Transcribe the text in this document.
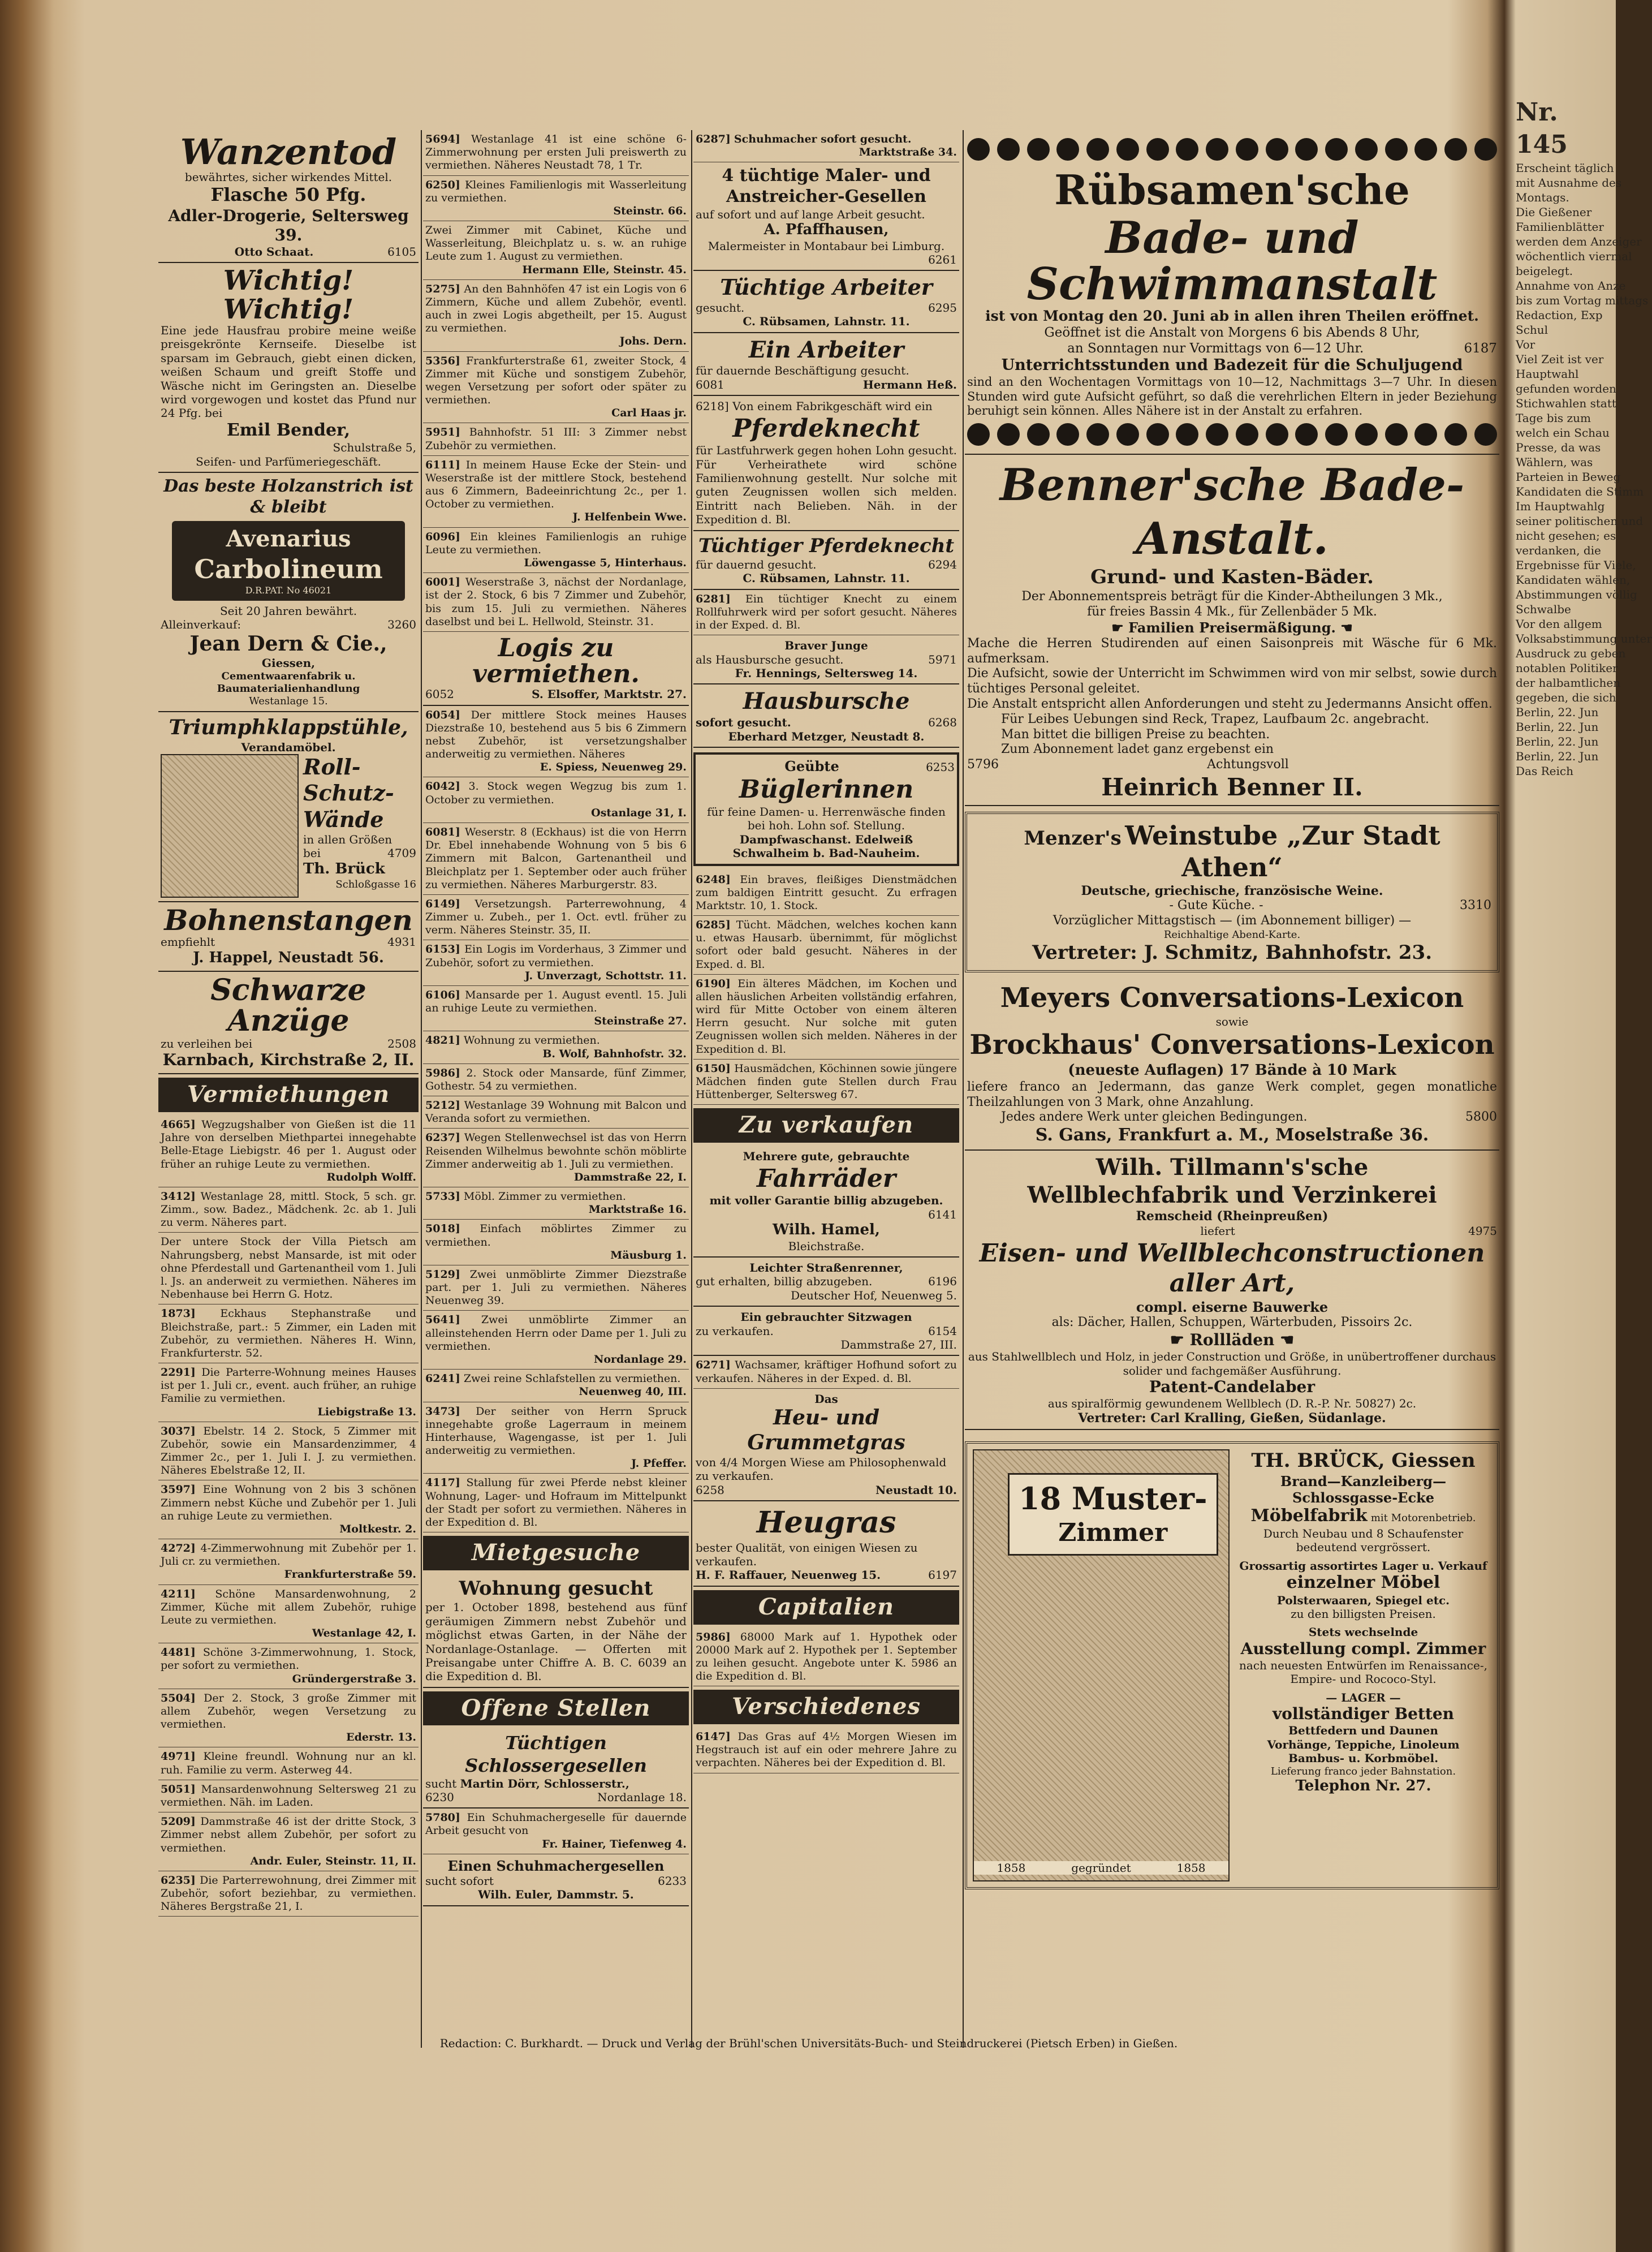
Wanzentod
bewährtes, sicher wirkendes Mittel.
Flasche 50 Pfg.
Adler-Drogerie, Seltersweg 39.
Otto Schaat.	6105
Wichtig! Wichtig!
Eine jede Hausfrau probire meine weiße preisgekrönte Kernseife. Dieselbe ist sparsam im Gebrauch, giebt einen dicken, weißen Schaum und greift Stoffe und Wäsche nicht im Geringsten an. Dieselbe wird vorgewogen und kostet das Pfund nur 24 Pfg. bei
Emil Bender,
Schulstraße 5,
Seifen- und Parfümeriegeschäft.
Das beste Holzanstrich ist & bleibt
Avenarius
Carbolineum
D.R.PAT. No 46021
Seit 20 Jahren bewährt.
Alleinverkauf:	3260
Jean Dern & Cie.,
Giessen,
Cementwaarenfabrik u. Baumaterialienhandlung
Westanlage 15.
Triumphklappstühle,
Verandamöbel.
Roll-
Schutz-
Wände
in allen Größen
bei	4709
Th. Brück
Schloßgasse 16
Bohnenstangen
empfiehlt	4931
J. Happel, Neustadt 56.
Schwarze Anzüge
zu verleihen bei	2508
Karnbach, Kirchstraße 2, II.
Vermiethungen
4665] Wegzugshalber von Gießen ist die 11 Jahre von derselben Miethpartei innegehabte Belle-Etage Liebigstr. 46 per 1. August oder früher an ruhige Leute zu vermiethen.
Rudolph Wolff.
3412] Westanlage 28, mittl. Stock, 5 sch. gr. Zimm., sow. Badez., Mädchenk. 2c. ab 1. Juli zu verm. Näheres part.
Der untere Stock der Villa Pietsch am Nahrungsberg, nebst Mansarde, ist mit oder ohne Pferdestall und Gartenantheil vom 1. Juli l. Js. an anderweit zu vermiethen. Näheres im Nebenhause bei Herrn G. Hotz.
1873] Eckhaus Stephanstraße und Bleichstraße, part.: 5 Zimmer, ein Laden mit Zubehör, zu vermiethen. Näheres H. Winn, Frankfurterstr. 52.
2291] Die Parterre-Wohnung meines Hauses ist per 1. Juli cr., event. auch früher, an ruhige Familie zu vermiethen.
Liebigstraße 13.
3037] Ebelstr. 14 2. Stock, 5 Zimmer mit Zubehör, sowie ein Mansardenzimmer, 4 Zimmer 2c., per 1. Juli I. J. zu vermiethen. Näheres Ebelstraße 12, II.
3597] Eine Wohnung von 2 bis 3 schönen Zimmern nebst Küche und Zubehör per 1. Juli an ruhige Leute zu vermiethen.
Moltkestr. 2.
4272] 4-Zimmerwohnung mit Zubehör per 1. Juli cr. zu vermiethen.
Frankfurterstraße 59.
4211] Schöne Mansardenwohnung, 2 Zimmer, Küche mit allem Zubehör, ruhige Leute zu vermiethen.
Westanlage 42, I.
4481] Schöne 3-Zimmerwohnung, 1. Stock, per sofort zu vermiethen.
Gründergerstraße 3.
5504] Der 2. Stock, 3 große Zimmer mit allem Zubehör, wegen Versetzung zu vermiethen.
Ederstr. 13.
4971] Kleine freundl. Wohnung nur an kl. ruh. Familie zu verm. Asterweg 44.
5051] Mansardenwohnung Seltersweg 21 zu vermiethen. Näh. im Laden.
5209] Dammstraße 46 ist der dritte Stock, 3 Zimmer nebst allem Zubehör, per sofort zu vermiethen.
Andr. Euler, Steinstr. 11, II.
6235] Die Parterrewohnung, drei Zimmer mit Zubehör, sofort beziehbar, zu vermiethen. Näheres Bergstraße 21, I.
5694] Westanlage 41 ist eine schöne 6-Zimmerwohnung per ersten Juli preiswerth zu vermiethen. Näheres Neustadt 78, 1 Tr.
6250] Kleines Familienlogis mit Wasserleitung zu vermiethen.
Steinstr. 66.
Zwei Zimmer mit Cabinet, Küche und Wasserleitung, Bleichplatz u. s. w. an ruhige Leute zum 1. August zu vermiethen.
Hermann Elle, Steinstr. 45.
5275] An den Bahnhöfen 47 ist ein Logis von 6 Zimmern, Küche und allem Zubehör, eventl. auch in zwei Logis abgetheilt, per 15. August zu vermiethen.
Johs. Dern.
5356] Frankfurterstraße 61, zweiter Stock, 4 Zimmer mit Küche und sonstigem Zubehör, wegen Versetzung per sofort oder später zu vermiethen.
Carl Haas jr.
5951] Bahnhofstr. 51 III: 3 Zimmer nebst Zubehör zu vermiethen.
6111] In meinem Hause Ecke der Stein- und Weserstraße ist der mittlere Stock, bestehend aus 6 Zimmern, Badeeinrichtung 2c., per 1. October zu vermiethen.
J. Helfenbein Wwe.
6096] Ein kleines Familienlogis an ruhige Leute zu vermiethen.
Löwengasse 5, Hinterhaus.
6001] Weserstraße 3, nächst der Nordanlage, ist der 2. Stock, 6 bis 7 Zimmer und Zubehör, bis zum 15. Juli zu vermiethen. Näheres daselbst und bei L. Hellwold, Steinstr. 31.
Logis zu vermiethen.
6052	S. Elsoffer, Marktstr. 27.
6054] Der mittlere Stock meines Hauses Diezstraße 10, bestehend aus 5 bis 6 Zimmern nebst Zubehör, ist versetzungshalber anderweitig zu vermiethen. Näheres
E. Spiess, Neuenweg 29.
6042] 3. Stock wegen Wegzug bis zum 1. October zu vermiethen.
Ostanlage 31, I.
6081] Weserstr. 8 (Eckhaus) ist die von Herrn Dr. Ebel innehabende Wohnung von 5 bis 6 Zimmern mit Balcon, Gartenantheil und Bleichplatz per 1. September oder auch früher zu vermiethen. Näheres Marburgerstr. 83.
6149] Versetzungsh. Parterrewohnung, 4 Zimmer u. Zubeh., per 1. Oct. evtl. früher zu verm. Näheres Steinstr. 35, II.
6153] Ein Logis im Vorderhaus, 3 Zimmer und Zubehör, sofort zu vermiethen.
J. Unverzagt, Schottstr. 11.
6106] Mansarde per 1. August eventl. 15. Juli an ruhige Leute zu vermiethen.
Steinstraße 27.
4821] Wohnung zu vermiethen.
B. Wolf, Bahnhofstr. 32.
5986] 2. Stock oder Mansarde, fünf Zimmer, Gothestr. 54 zu vermiethen.
5212] Westanlage 39 Wohnung mit Balcon und Veranda sofort zu vermiethen.
6237] Wegen Stellenwechsel ist das von Herrn Reisenden Wilhelmus bewohnte schön möblirte Zimmer anderweitig ab 1. Juli zu vermiethen.
Dammstraße 22, I.
5733] Möbl. Zimmer zu vermiethen.
Marktstraße 16.
5018] Einfach möblirtes Zimmer zu vermiethen.
Mäusburg 1.
5129] Zwei unmöblirte Zimmer Diezstraße part. per 1. Juli zu vermiethen. Näheres Neuenweg 39.
5641] Zwei unmöblirte Zimmer an alleinstehenden Herrn oder Dame per 1. Juli zu vermiethen.
Nordanlage 29.
6241] Zwei reine Schlafstellen zu vermiethen.
Neuenweg 40, III.
3473] Der seither von Herrn Spruck innegehabte große Lagerraum in meinem Hinterhause, Wagengasse, ist per 1. Juli anderweitig zu vermiethen.
J. Pfeffer.
4117] Stallung für zwei Pferde nebst kleiner Wohnung, Lager- und Hofraum im Mittelpunkt der Stadt per sofort zu vermiethen. Näheres in der Expedition d. Bl.
Mietgesuche
Wohnung gesucht
per 1. October 1898, bestehend aus fünf geräumigen Zimmern nebst Zubehör und möglichst etwas Garten, in der Nähe der Nordanlage-Ostanlage. — Offerten mit Preisangabe unter Chiffre A. B. C. 6039 an die Expedition d. Bl.
Offene Stellen
Tüchtigen Schlossergesellen
sucht Martin Dörr, Schlosserstr.,
6230	Nordanlage 18.
5780] Ein Schuhmachergeselle für dauernde Arbeit gesucht von
Fr. Hainer, Tiefenweg 4.
Einen Schuhmachergesellen
sucht sofort	6233
Wilh. Euler, Dammstr. 5.
6287] Schuhmacher sofort gesucht.
Marktstraße 34.
4 tüchtige Maler- und Anstreicher-Gesellen
auf sofort und auf lange Arbeit gesucht.
A. Pfaffhausen,
Malermeister in Montabaur bei Limburg.
6261
Tüchtige Arbeiter
gesucht.	6295
C. Rübsamen, Lahnstr. 11.
Ein Arbeiter
für dauernde Beschäftigung gesucht.
6081	Hermann Heß.
6218] Von einem Fabrikgeschäft wird ein
Pferdeknecht
für Lastfuhrwerk gegen hohen Lohn gesucht. Für Verheirathete wird schöne Familienwohnung gestellt. Nur solche mit guten Zeugnissen wollen sich melden. Eintritt nach Belieben. Näh. in der Expedition d. Bl.
Tüchtiger Pferdeknecht
für dauernd gesucht.	6294
C. Rübsamen, Lahnstr. 11.
6281] Ein tüchtiger Knecht zu einem Rollfuhrwerk wird per sofort gesucht. Näheres in der Exped. d. Bl.
Braver Junge
als Hausbursche gesucht.	5971
Fr. Hennings, Seltersweg 14.
Hausbursche
sofort gesucht.	6268
Eberhard Metzger, Neustadt 8.
Geübte	6253
Büglerinnen
für feine Damen- u. Herrenwäsche finden bei hoh. Lohn sof. Stellung.
Dampfwaschanst. Edelweiß
Schwalheim b. Bad-Nauheim.
6248] Ein braves, fleißiges Dienstmädchen zum baldigen Eintritt gesucht. Zu erfragen Marktstr. 10, 1. Stock.
6285] Tücht. Mädchen, welches kochen kann u. etwas Hausarb. übernimmt, für möglichst sofort oder bald gesucht. Näheres in der Exped. d. Bl.
6190] Ein älteres Mädchen, im Kochen und allen häuslichen Arbeiten vollständig erfahren, wird für Mitte October von einem älteren Herrn gesucht. Nur solche mit guten Zeugnissen wollen sich melden. Näheres in der Expedition d. Bl.
6150] Hausmädchen, Köchinnen sowie jüngere Mädchen finden gute Stellen durch Frau Hüttenberger, Seltersweg 67.
Zu verkaufen
Mehrere gute, gebrauchte
Fahrräder
mit voller Garantie billig abzugeben.
6141
Wilh. Hamel,
Bleichstraße.
Leichter Straßenrenner,
gut erhalten, billig abzugeben.	6196
Deutscher Hof, Neuenweg 5.
Ein gebrauchter Sitzwagen
zu verkaufen.	6154
Dammstraße 27, III.
6271] Wachsamer, kräftiger Hofhund sofort zu verkaufen. Näheres in der Exped. d. Bl.
Das
Heu- und Grummetgras
von 4/4 Morgen Wiese am Philosophenwald zu verkaufen.
6258	Neustadt 10.
Heugras
bester Qualität, von einigen Wiesen zu verkaufen.
H. F. Raffauer, Neuenweg 15.	6197
Capitalien
5986] 68000 Mark auf 1. Hypothek oder 20000 Mark auf 2. Hypothek per 1. September zu leihen gesucht. Angebote unter K. 5986 an die Expedition d. Bl.
Verschiedenes
6147] Das Gras auf 4½ Morgen Wiesen im Hegstrauch ist auf ein oder mehrere Jahre zu verpachten. Näheres bei der Expedition d. Bl.
Rübsamen'sche
Bade- und Schwimmanstalt
ist von Montag den 20. Juni ab in allen ihren Theilen eröffnet.
Geöffnet ist die Anstalt von Morgens 6 bis Abends 8 Uhr,
an Sonntagen nur Vormittags von 6—12 Uhr.	6187
Unterrichtsstunden und Badezeit für die Schuljugend
sind an den Wochentagen Vormittags von 10—12, Nachmittags 3—7 Uhr. In diesen Stunden wird gute Aufsicht geführt, so daß die verehrlichen Eltern in jeder Beziehung beruhigt sein können. Alles Nähere ist in der Anstalt zu erfahren.
Benner'sche Bade-Anstalt.
Grund- und Kasten-Bäder.
Der Abonnementspreis beträgt für die Kinder-Abtheilungen 3 Mk.,
für freies Bassin 4 Mk., für Zellenbäder 5 Mk.
☛ Familien Preisermäßigung. ☚
Mache die Herren Studirenden auf einen Saisonpreis mit Wäsche für 6 Mk. aufmerksam.
Die Aufsicht, sowie der Unterricht im Schwimmen wird von mir selbst, sowie durch tüchtiges Personal geleitet.
Die Anstalt entspricht allen Anforderungen und steht zu Jedermanns Ansicht offen.
Für Leibes Uebungen sind Reck, Trapez, Laufbaum 2c. angebracht.
Man bittet die billigen Preise zu beachten.
Zum Abonnement ladet ganz ergebenst ein
5796	Achtungsvoll
Heinrich Benner II.
Menzer's Weinstube „Zur Stadt Athen“
Deutsche, griechische, französische Weine.
- Gute Küche. -	3310
Vorzüglicher Mittagstisch — (im Abonnement billiger) —
Reichhaltige Abend-Karte.
Vertreter: J. Schmitz, Bahnhofstr. 23.
Meyers Conversations-Lexicon
sowie
Brockhaus' Conversations-Lexicon
(neueste Auflagen) 17 Bände à 10 Mark
liefere franco an Jedermann, das ganze Werk complet, gegen monatliche Theilzahlungen von 3 Mark, ohne Anzahlung.
Jedes andere Werk unter gleichen Bedingungen.	5800
S. Gans, Frankfurt a. M., Moselstraße 36.
Wilh. Tillmann's'sche
Wellblechfabrik und Verzinkerei
Remscheid (Rheinpreußen)
liefert	4975
Eisen- und Wellblechconstructionen aller Art,
compl. eiserne Bauwerke
als: Dächer, Hallen, Schuppen, Wärterbuden, Pissoirs 2c.
☛ Rollläden ☚
aus Stahlwellblech und Holz, in jeder Construction und Größe, in unübertroffener durchaus solider und fachgemäßer Ausführung.
Patent-Candelaber
aus spiralförmig gewundenem Wellblech (D. R.-P. Nr. 50827) 2c.
Vertreter: Carl Kralling, Gießen, Südanlage.
18 Muster-
Zimmer
1858	gegründet	1858
TH. BRÜCK, Giessen
Brand—Kanzleiberg—
Schlossgasse-Ecke
Möbelfabrik mit Motorenbetrieb.
Durch Neubau und 8 Schaufenster bedeutend vergrössert.
Grossartig assortirtes Lager u. Verkauf
einzelner Möbel
Polsterwaaren, Spiegel etc.
zu den billigsten Preisen.
Stets wechselnde
Ausstellung compl. Zimmer
nach neuesten Entwürfen im Renaissance-, Empire- und Rococo-Styl.
— LAGER —
vollständiger Betten
Bettfedern und Daunen
Vorhänge, Teppiche, Linoleum
Bambus- u. Korbmöbel.
Lieferung franco jeder Bahnstation.
Telephon Nr. 27.
Redaction: C. Burkhardt. — Druck und Verlag der Brühl'schen Universitäts-Buch- und Steindruckerei (Pietsch Erben) in Gießen.
Nr. 145
Erscheint täglich
mit Ausnahme des
Montags.
Die Gießener
Familienblätter
werden dem Anzeiger
wöchentlich viermal
beigelegt.
Annahme von Anze
bis zum Vortag mittags
Redaction, Exp
Schul
Vor
Viel Zeit ist ver
Hauptwahl
gefunden worden
Stichwahlen statt
Tage bis zum
welch ein Schau
Presse, da was
Wählern, was
Parteien in Beweg
Kandidaten die Stimm
Im Hauptwahlg
seiner politischen und
nicht gesehen; es
verdanken, die
Ergebnisse für Viele,
Kandidaten wählen,
Abstimmungen völlig
Schwalbe
Vor den allgem
Volksabstimmung unter
Ausdruck zu geben
notablen Politiker
der halbamtlichen
gegeben, die sich
Berlin, 22. Jun
Berlin, 22. Jun
Berlin, 22. Jun
Berlin, 22. Jun
Das Reich
